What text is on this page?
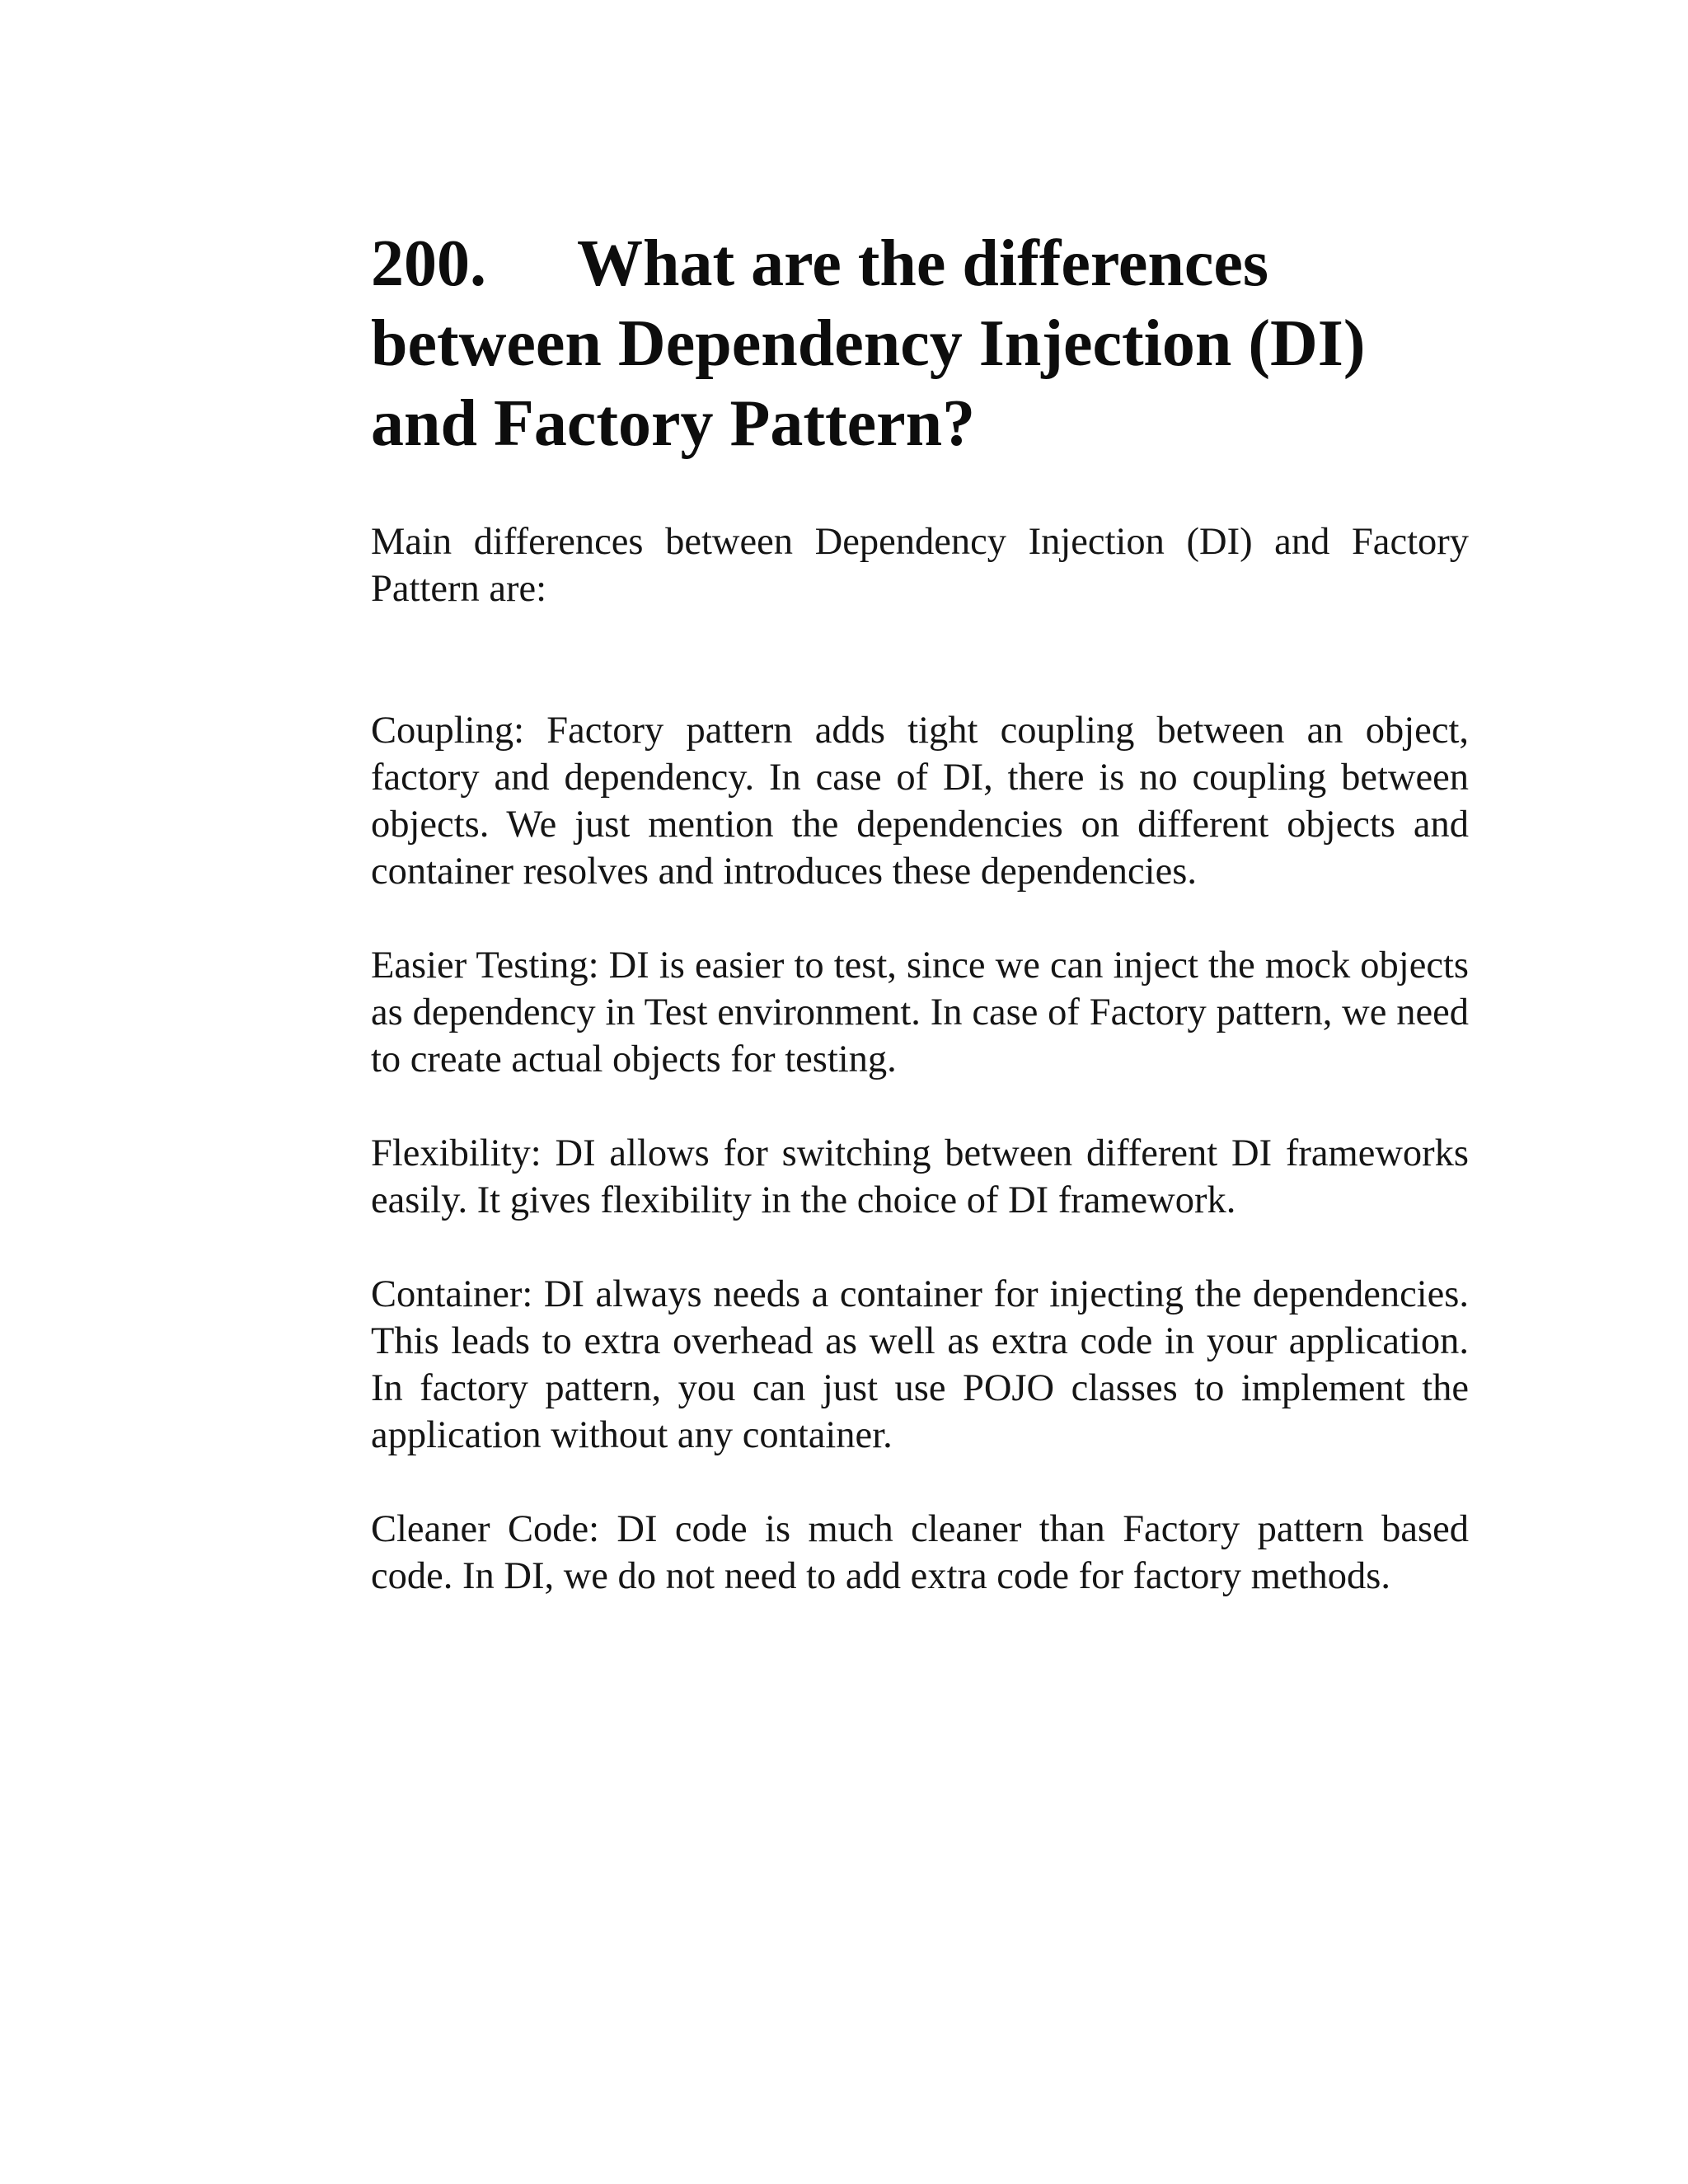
200. What are the differences between Dependency Injection (DI) and Factory Pattern?

Main differences between Dependency Injection (DI) and Factory Pattern are:

Coupling: Factory pattern adds tight coupling between an object, factory and dependency. In case of DI, there is no coupling between objects. We just mention the dependencies on different objects and container resolves and introduces these dependencies.

Easier Testing: DI is easier to test, since we can inject the mock objects as dependency in Test environment. In case of Factory pattern, we need to create actual objects for testing.

Flexibility: DI allows for switching between different DI frameworks easily. It gives flexibility in the choice of DI framework.

Container: DI always needs a container for injecting the dependencies. This leads to extra overhead as well as extra code in your application. In factory pattern, you can just use POJO classes to implement the application without any container.

Cleaner Code: DI code is much cleaner than Factory pattern based code. In DI, we do not need to add extra code for factory methods.
